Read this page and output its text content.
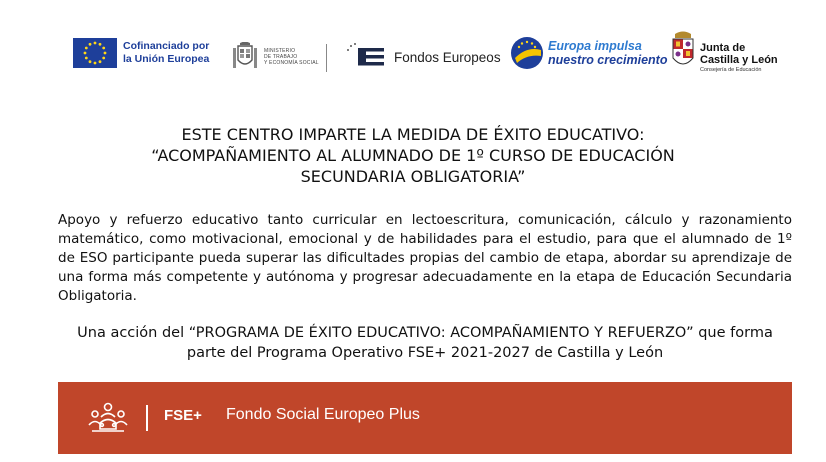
Cofinanciado por
la Unión Europea
MINISTERIO
DE TRABAJO
Y ECONOMÍA SOCIAL	Fondos Europeos
Europa impulsa
nuestro crecimiento
Junta de
Castilla y León
Consejería de Educación
ESTE CENTRO IMPARTE LA MEDIDA DE ÉXITO EDUCATIVO:
“ACOMPAÑAMIENTO AL ALUMNADO DE 1º CURSO DE EDUCACIÓN
SECUNDARIA OBLIGATORIA”

Apoyo y refuerzo educativo tanto curricular en lectoescritura, comunicación, cálculo y razonamiento matemático, como motivacional, emocional y de habilidades para el estudio, para que el alumnado de 1º de ESO participante pueda superar las dificultades propias del cambio de etapa, abordar su aprendizaje de una forma más competente y autónoma y progresar adecuadamente en la etapa de Educación Secundaria Obligatoria.

Una acción del “PROGRAMA DE ÉXITO EDUCATIVO: ACOMPAÑAMIENTO Y REFUERZO” que forma parte del Programa Operativo FSE+ 2021-2027 de Castilla y León

FSE+ Fondo Social Europeo Plus
